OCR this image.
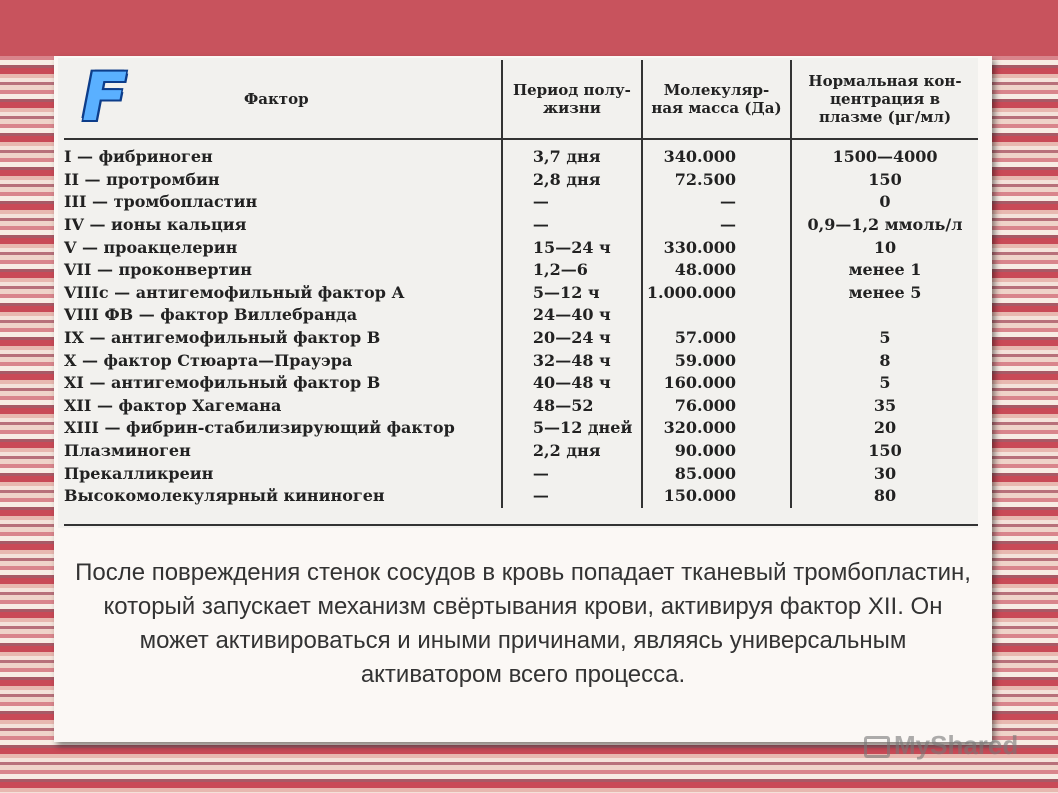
Фактор	Период полу- жизни	Молекуляр- ная масса (Да)	Нормальная кон- центрация в плазме (μг/мл)
I — фибриноген	3,7 дня	340.000	1500—4000
II — протромбин	2,8 дня	72.500	150
III — тромбопластин	—	—	0
IV — ионы кальция	—	—	0,9—1,2 ммоль/л
V — проакцелерин	15—24 ч	330.000	10
VII — проконвертин	1,2—6	48.000	менее 1
VIIIc — антигемофильный фактор А	5—12 ч	1.000.000	менее 5
VIII ФВ — фактор Виллебранда	24—40 ч		
IX — антигемофильный фактор В	20—24 ч	57.000	5
X — фактор Стюарта—Прауэра	32—48 ч	59.000	8
XI — антигемофильный фактор В	40—48 ч	160.000	5
XII — фактор Хагемана	48—52	76.000	35
XIII — фибрин-стабилизирующий фактор	5—12 дней	320.000	20
Плазминоген	2,2 дня	90.000	150
Прекалликреин	—	85.000	30
Высокомолекулярный кининоген	—	150.000	80
F
После повреждения стенок сосудов в кровь попадает тканевый тромбопластин, который запускает механизм свёртывания крови, активируя фактор XII. Он может активироваться и иными причинами, являясь универсальным активатором всего процесса.
MyShared
